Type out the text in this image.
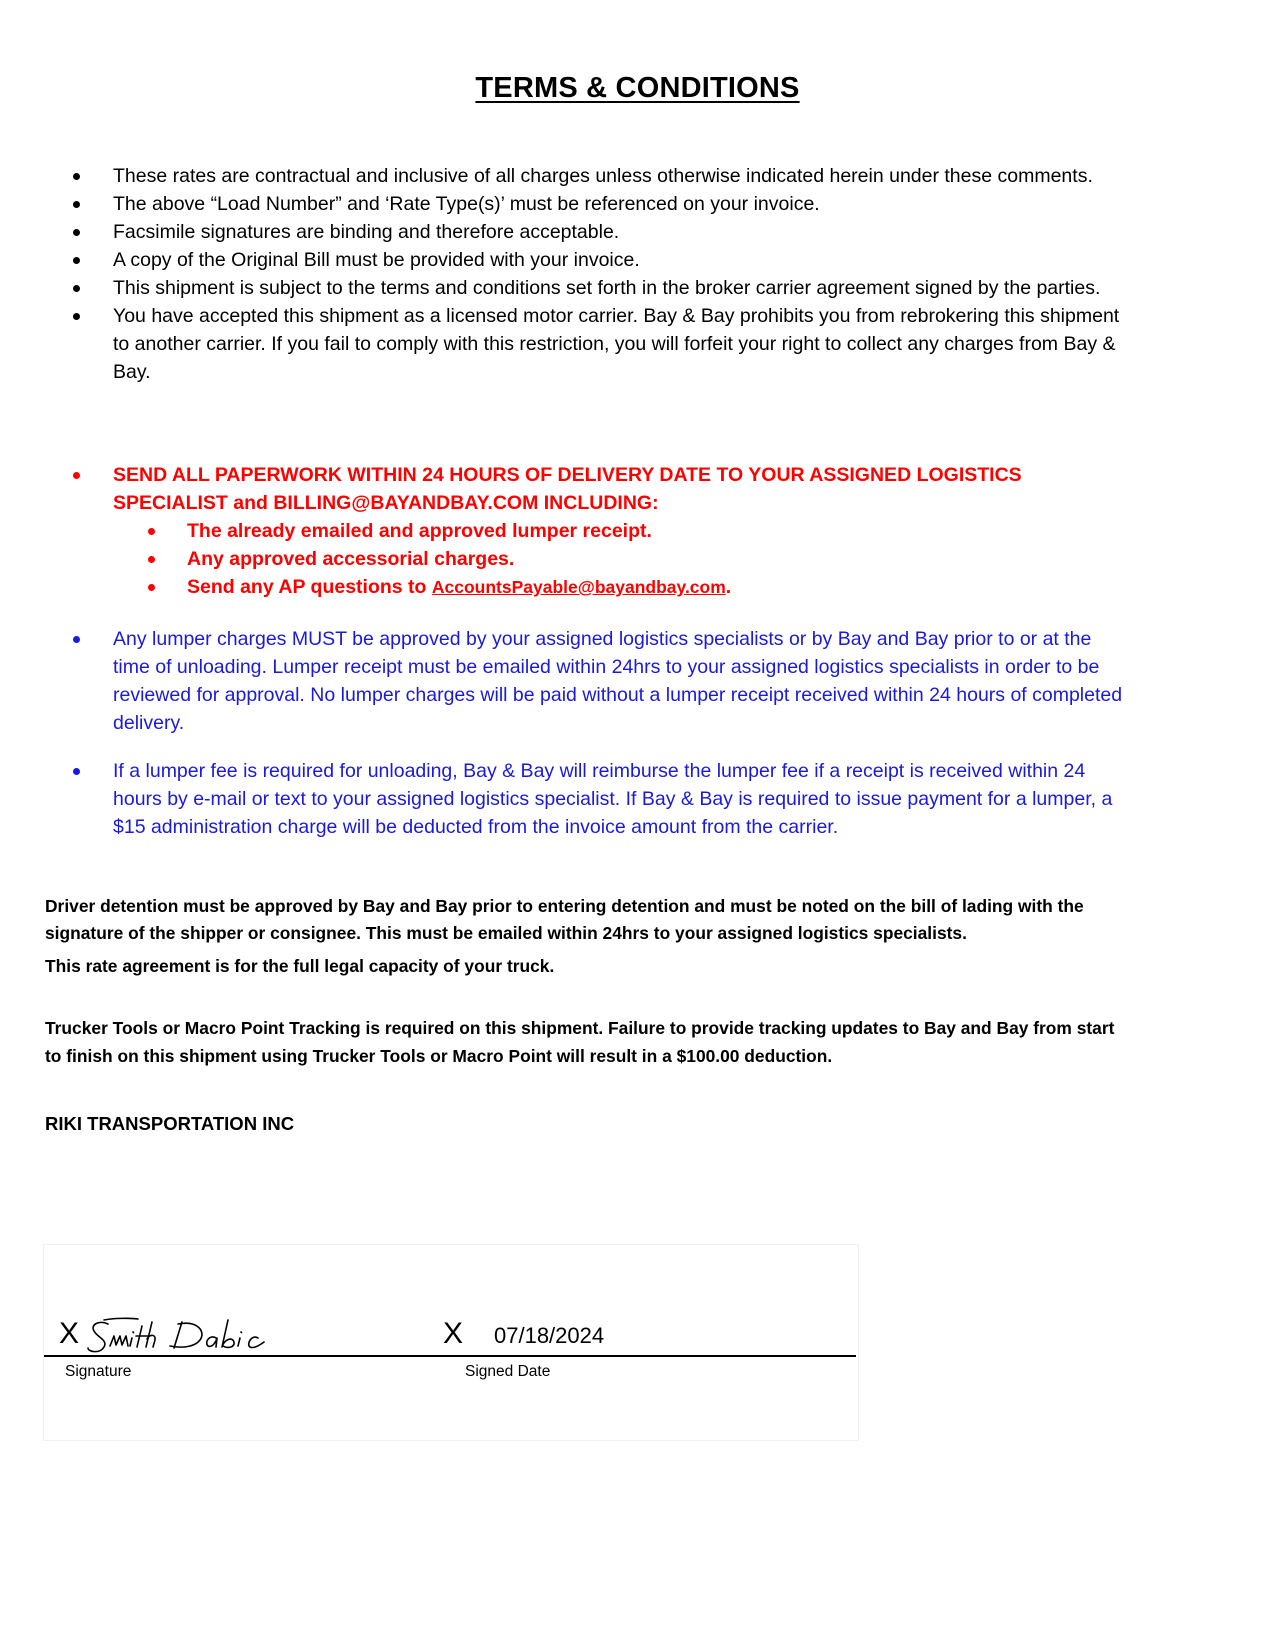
TERMS & CONDITIONS
These rates are contractual and inclusive of all charges unless otherwise indicated herein under these comments.
The above “Load Number” and ‘Rate Type(s)’ must be referenced on your invoice.
Facsimile signatures are binding and therefore acceptable.
A copy of the Original Bill must be provided with your invoice.
This shipment is subject to the terms and conditions set forth in the broker carrier agreement signed by the parties.
You have accepted this shipment as a licensed motor carrier. Bay & Bay prohibits you from rebrokering this shipment to another carrier. If you fail to comply with this restriction, you will forfeit your right to collect any charges from Bay & Bay.
SEND ALL PAPERWORK WITHIN 24 HOURS OF DELIVERY DATE TO YOUR ASSIGNED LOGISTICS SPECIALIST and BILLING@BAYANDBAY.COM INCLUDING:
The already emailed and approved lumper receipt.
Any approved accessorial charges.
Send any AP questions to AccountsPayable@bayandbay.com.
Any lumper charges MUST be approved by your assigned logistics specialists or by Bay and Bay prior to or at the time of unloading. Lumper receipt must be emailed within 24hrs to your assigned logistics specialists in order to be reviewed for approval. No lumper charges will be paid without a lumper receipt received within 24 hours of completed delivery.
If a lumper fee is required for unloading, Bay & Bay will reimburse the lumper fee if a receipt is received within 24 hours by e-mail or text to your assigned logistics specialist. If Bay & Bay is required to issue payment for a lumper, a $15 administration charge will be deducted from the invoice amount from the carrier.
Driver detention must be approved by Bay and Bay prior to entering detention and must be noted on the bill of lading with the signature of the shipper or consignee. This must be emailed within 24hrs to your assigned logistics specialists.
This rate agreement is for the full legal capacity of your truck.
Trucker Tools or Macro Point Tracking is required on this shipment. Failure to provide tracking updates to Bay and Bay from start to finish on this shipment using Trucker Tools or Macro Point will result in a $100.00 deduction.
RIKI TRANSPORTATION INC
X	X 07/18/2024
Signature	Signed Date
